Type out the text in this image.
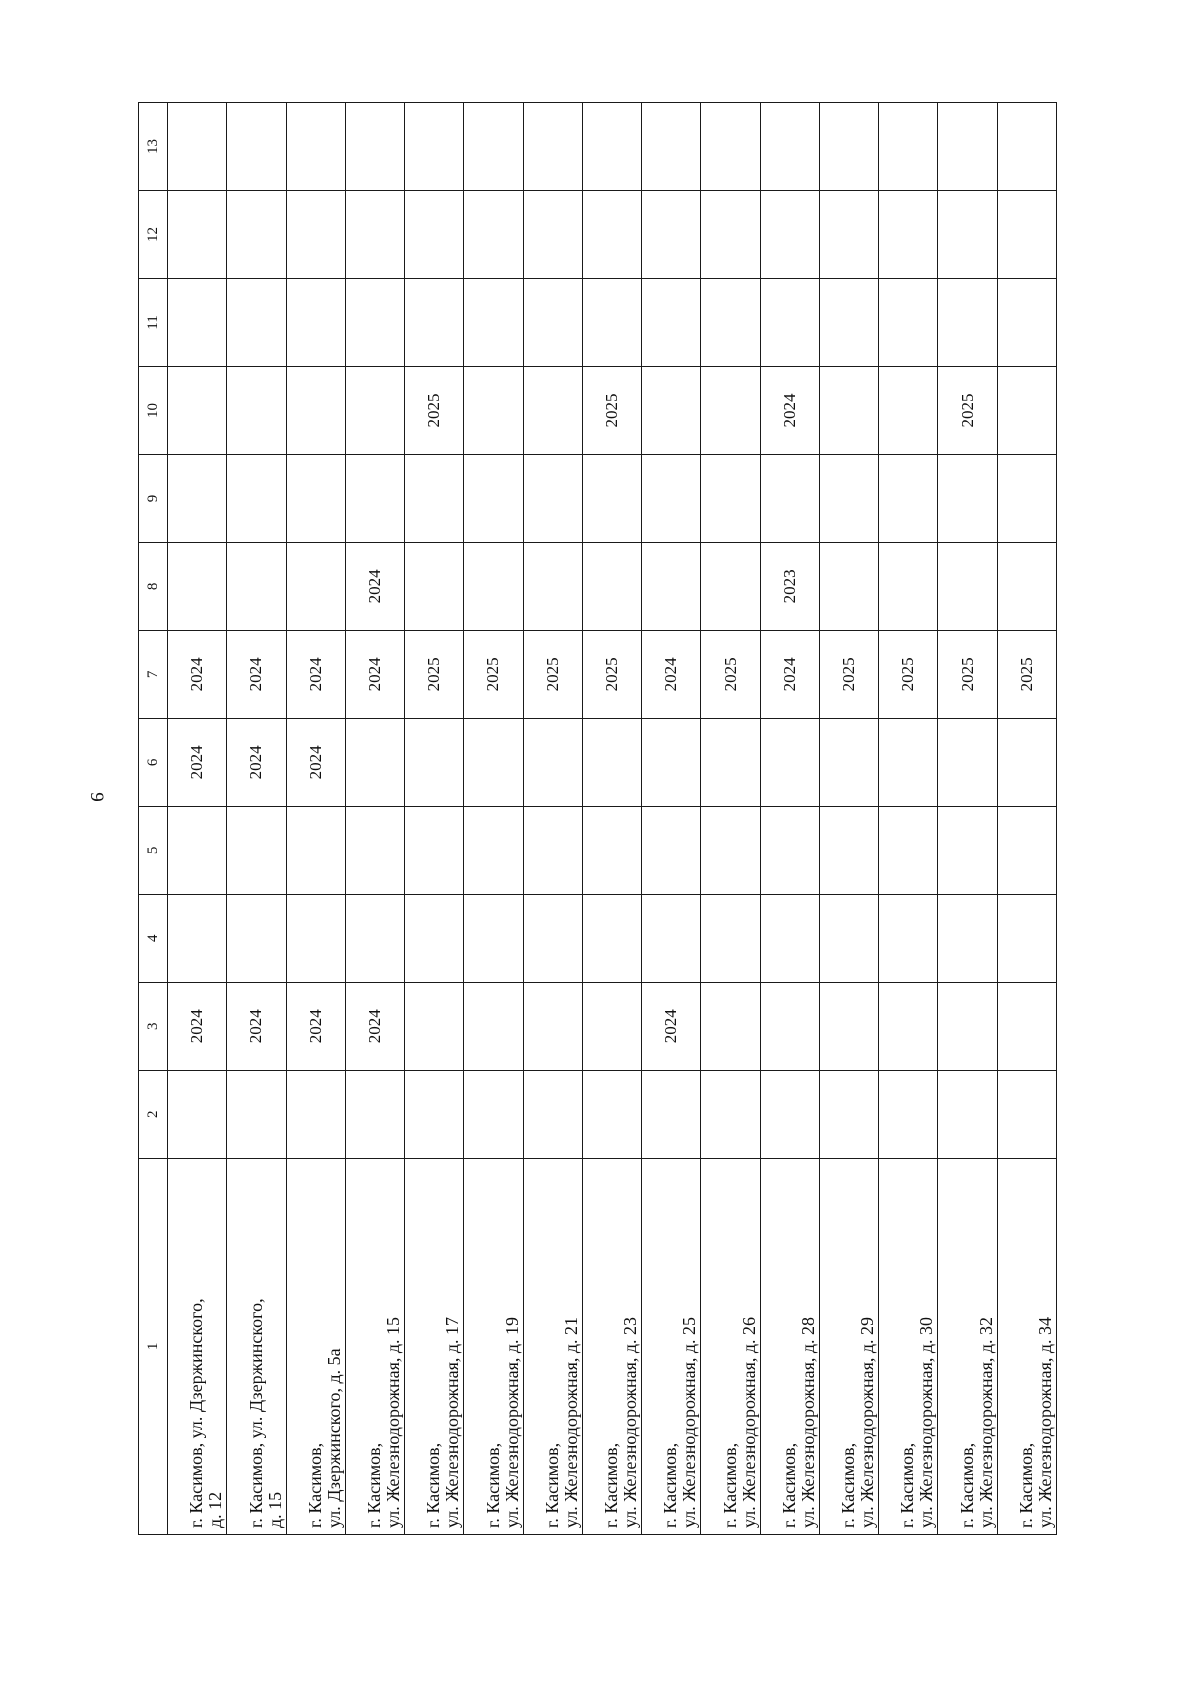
9
1	2	3	4	5	6	7	8	9	10	11	12	13
г. Касимов, ул. Дзержинского,
д. 12		2024			2024	2024						
г. Касимов, ул. Дзержинского,
д. 15		2024			2024	2024						
г. Касимов,
ул. Дзержинского, д. 5а		2024			2024	2024						
г. Касимов,
ул. Железнодорожная, д. 15		2024				2024	2024					
г. Касимов,
ул. Железнодорожная, д. 17						2025			2025			
г. Касимов,
ул. Железнодорожная, д. 19						2025						
г. Касимов,
ул. Железнодорожная, д. 21						2025						
г. Касимов,
ул. Железнодорожная, д. 23						2025			2025			
г. Касимов,
ул. Железнодорожная, д. 25		2024				2024						
г. Касимов,
ул. Железнодорожная, д. 26						2025						
г. Касимов,
ул. Железнодорожная, д. 28						2024	2023		2024			
г. Касимов,
ул. Железнодорожная, д. 29						2025						
г. Касимов,
ул. Железнодорожная, д. 30						2025						
г. Касимов,
ул. Железнодорожная, д. 32						2025			2025			
г. Касимов,
ул. Железнодорожная, д. 34						2025						
